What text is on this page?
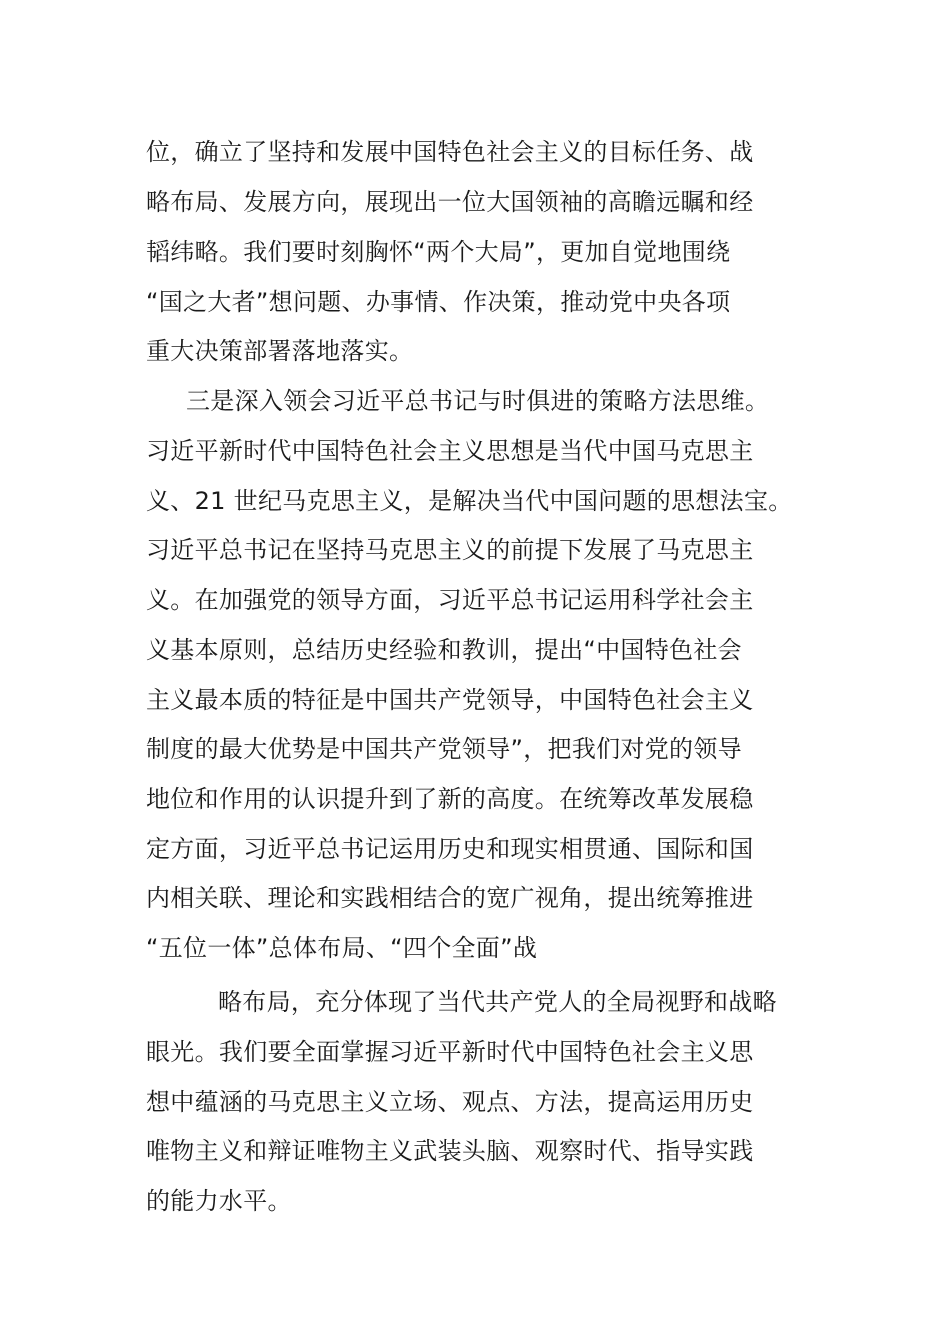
位，确立了坚持和发展中国特色社会主义的目标任务、战
略布局、发展方向，展现出一位大国领袖的高瞻远瞩和经
韬纬略。我们要时刻胸怀“两个大局”，更加自觉地围绕
“国之大者”想问题、办事情、作决策，推动党中央各项
重大决策部署落地落实。
三是深入领会习近平总书记与时俱进的策略方法思维。
习近平新时代中国特色社会主义思想是当代中国马克思主
义、21 世纪马克思主义，是解决当代中国问题的思想法宝。
习近平总书记在坚持马克思主义的前提下发展了马克思主
义。在加强党的领导方面，习近平总书记运用科学社会主
义基本原则，总结历史经验和教训，提出“中国特色社会
主义最本质的特征是中国共产党领导，中国特色社会主义
制度的最大优势是中国共产党领导”，把我们对党的领导
地位和作用的认识提升到了新的高度。在统筹改革发展稳
定方面，习近平总书记运用历史和现实相贯通、国际和国
内相关联、理论和实践相结合的宽广视角，提出统筹推进
“五位一体”总体布局、“四个全面”战
略布局，充分体现了当代共产党人的全局视野和战略
眼光。我们要全面掌握习近平新时代中国特色社会主义思
想中蕴涵的马克思主义立场、观点、方法，提高运用历史
唯物主义和辩证唯物主义武装头脑、观察时代、指导实践
的能力水平。
